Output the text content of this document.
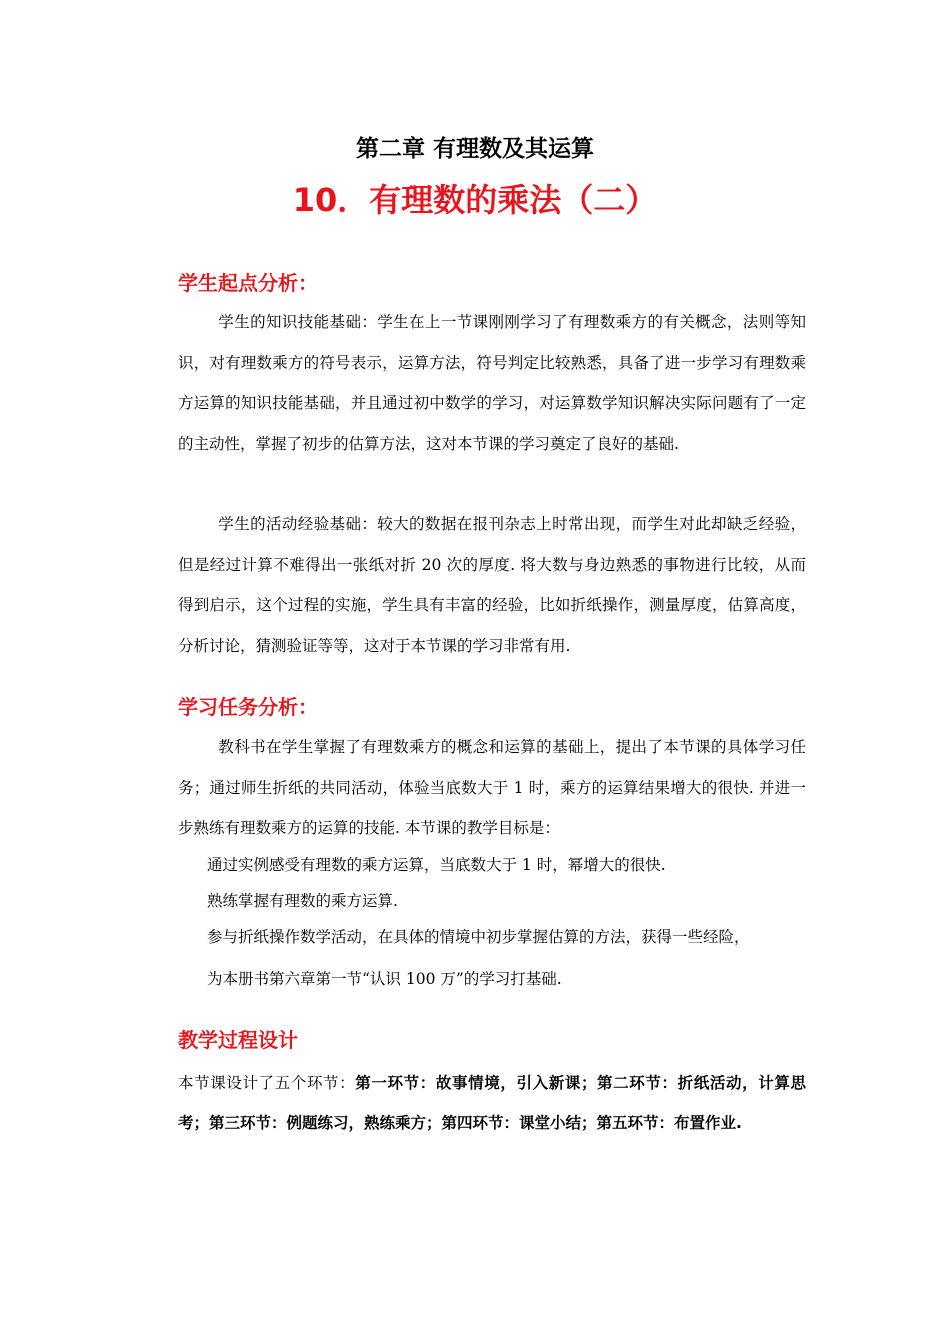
第二章 有理数及其运算
10．有理数的乘法（二）
学生起点分析：
学生的知识技能基础：学生在上一节课刚刚学习了有理数乘方的有关概念，法则等知识，对有理数乘方的符号表示，运算方法，符号判定比较熟悉，具备了进一步学习有理数乘方运算的知识技能基础，并且通过初中数学的学习，对运算数学知识解决实际问题有了一定的主动性，掌握了初步的估算方法，这对本节课的学习奠定了良好的基础.
学生的活动经验基础：较大的数据在报刊杂志上时常出现，而学生对此却缺乏经验，但是经过计算不难得出一张纸对折 20 次的厚度. 将大数与身边熟悉的事物进行比较，从而得到启示，这个过程的实施，学生具有丰富的经验，比如折纸操作，测量厚度，估算高度，分析讨论，猜测验证等等，这对于本节课的学习非常有用.
学习任务分析：
教科书在学生掌握了有理数乘方的概念和运算的基础上，提出了本节课的具体学习任务；通过师生折纸的共同活动，体验当底数大于 1 时，乘方的运算结果增大的很快. 并进一步熟练有理数乘方的运算的技能. 本节课的教学目标是：
通过实例感受有理数的乘方运算，当底数大于 1 时，幂增大的很快.
熟练掌握有理数的乘方运算.
参与折纸操作数学活动，在具体的情境中初步掌握估算的方法，获得一些经险，
为本册书第六章第一节“认识 100 万”的学习打基础.
教学过程设计
本节课设计了五个环节：第一环节：故事情境，引入新课；第二环节：折纸活动，计算思考；第三环节：例题练习，熟练乘方；第四环节：课堂小结；第五环节：布置作业.
